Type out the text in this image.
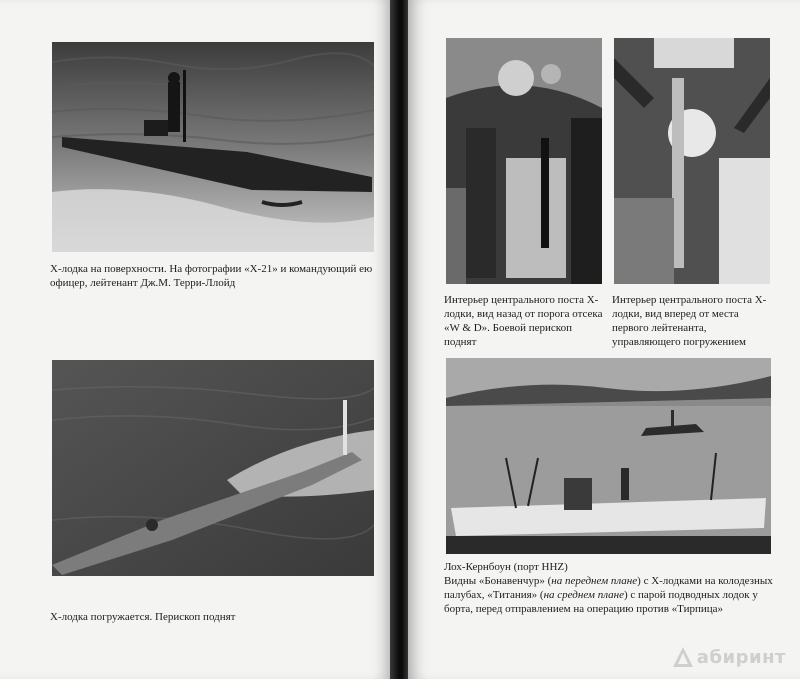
Х-лодка на поверхности. На фотографии «Х-21» и командующий ею офицер, лейтенант Дж.М. Терри-Ллойд

Х-лодка погружается. Перископ поднят

Интерьер центрального поста Х-лодки, вид назад от порога отсека «W & D». Боевой перископ поднят

Интерьер центрального поста Х-лодки, вид вперед от места первого лейтенанта, управляющего погружением

Лох-Кернбоун (порт HHZ)
Видны «Бонавенчур» (на переднем плане) с Х-лодками на колодезных палубах, «Титания» (на среднем плане) с парой подводных лодок у борта, перед отправлением на операцию против «Тирпица»

абиринт
